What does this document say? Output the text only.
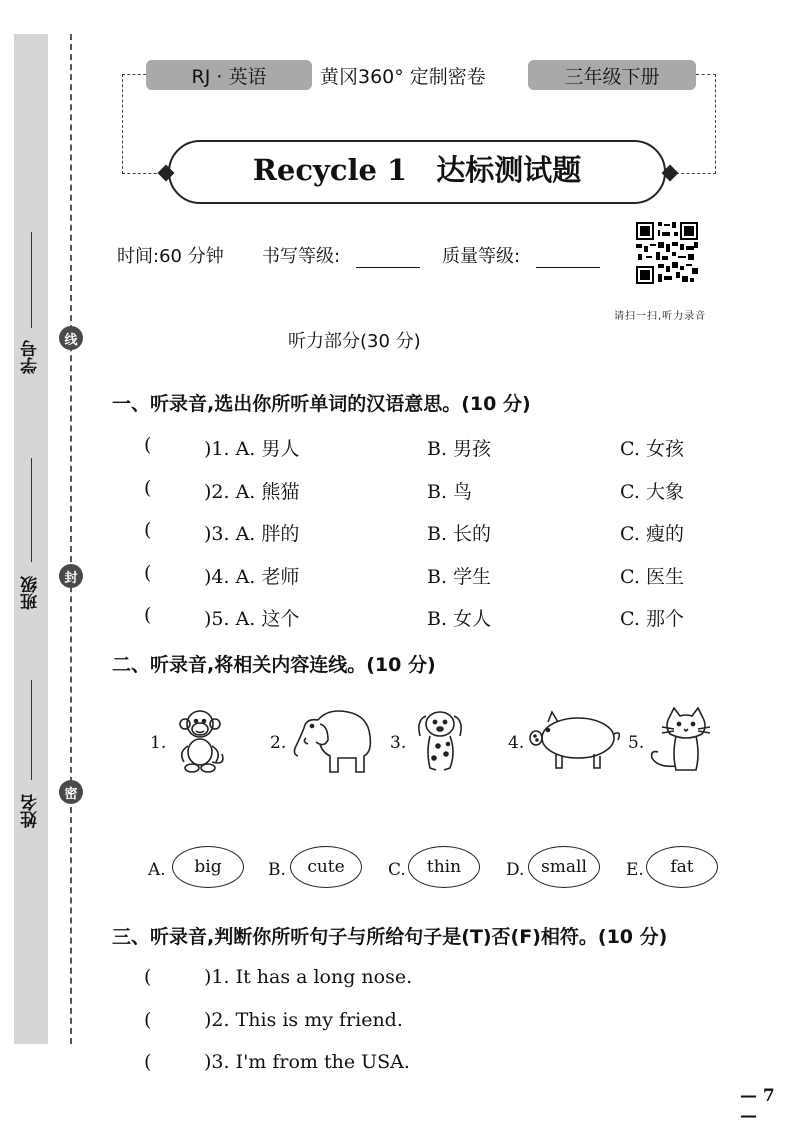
学号
班级
姓名
线
封
密
RJ · 英语	黄冈360° 定制密卷	三年级下册
Recycle 1　达标测试题
时间:60 分钟 书写等级:	质量等级:
请扫一扫,听力录音
听力部分(30 分)
一、听录音,选出你所听单词的汉语意思。(10 分)
(	)1. A. 男人	B. 男孩	C. 女孩
(	)2. A. 熊猫	B. 鸟	C. 大象
(	)3. A. 胖的	B. 长的	C. 瘦的
(	)4. A. 老师	B. 学生	C. 医生
(	)5. A. 这个	B. 女人	C. 那个
二、听录音,将相关内容连线。(10 分)
1.	2.	3.	4.	5.
A. big	B. cute	C. thin	D. small E. fat
三、听录音,判断你所听句子与所给句子是(T)否(F)相符。(10 分)
(	)1. It has a long nose.
(	)2. This is my friend.
(	)3. I'm from the USA.
— 7 —
